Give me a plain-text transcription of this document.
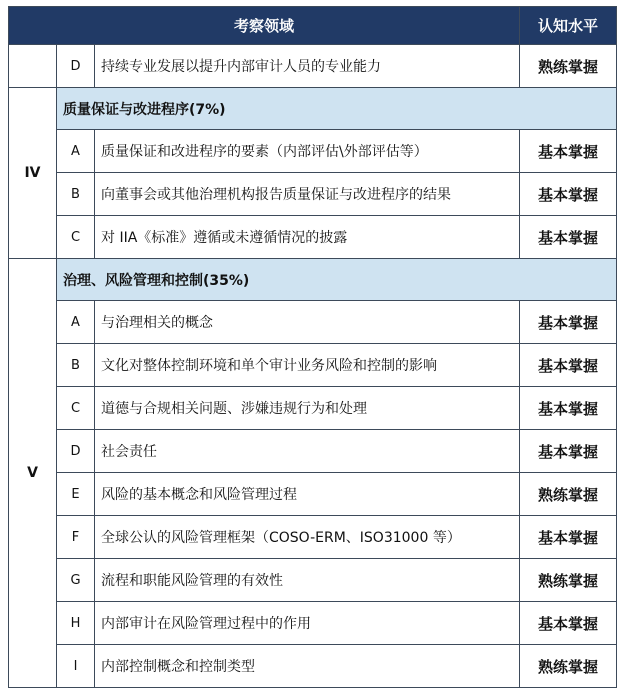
考察领域			认知水平
	D	持续专业发展以提升内部审计人员的专业能力	熟练掌握
IV	质量保证与改进程序(7%)		
	A	质量保证和改进程序的要素（内部评估\外部评估等）	基本掌握
	B	向董事会或其他治理机构报告质量保证与改进程序的结果	基本掌握
	C	对 IIA《标准》遵循或未遵循情况的披露	基本掌握
V	治理、风险管理和控制(35%)		
	A	与治理相关的概念	基本掌握
	B	文化对整体控制环境和单个审计业务风险和控制的影响	基本掌握
	C	道德与合规相关问题、涉嫌违规行为和处理	基本掌握
	D	社会责任	基本掌握
	E	风险的基本概念和风险管理过程	熟练掌握
	F	全球公认的风险管理框架（COSO-ERM、ISO31000 等）	基本掌握
	G	流程和职能风险管理的有效性	熟练掌握
	H	内部审计在风险管理过程中的作用	基本掌握
	I	内部控制概念和控制类型	熟练掌握
